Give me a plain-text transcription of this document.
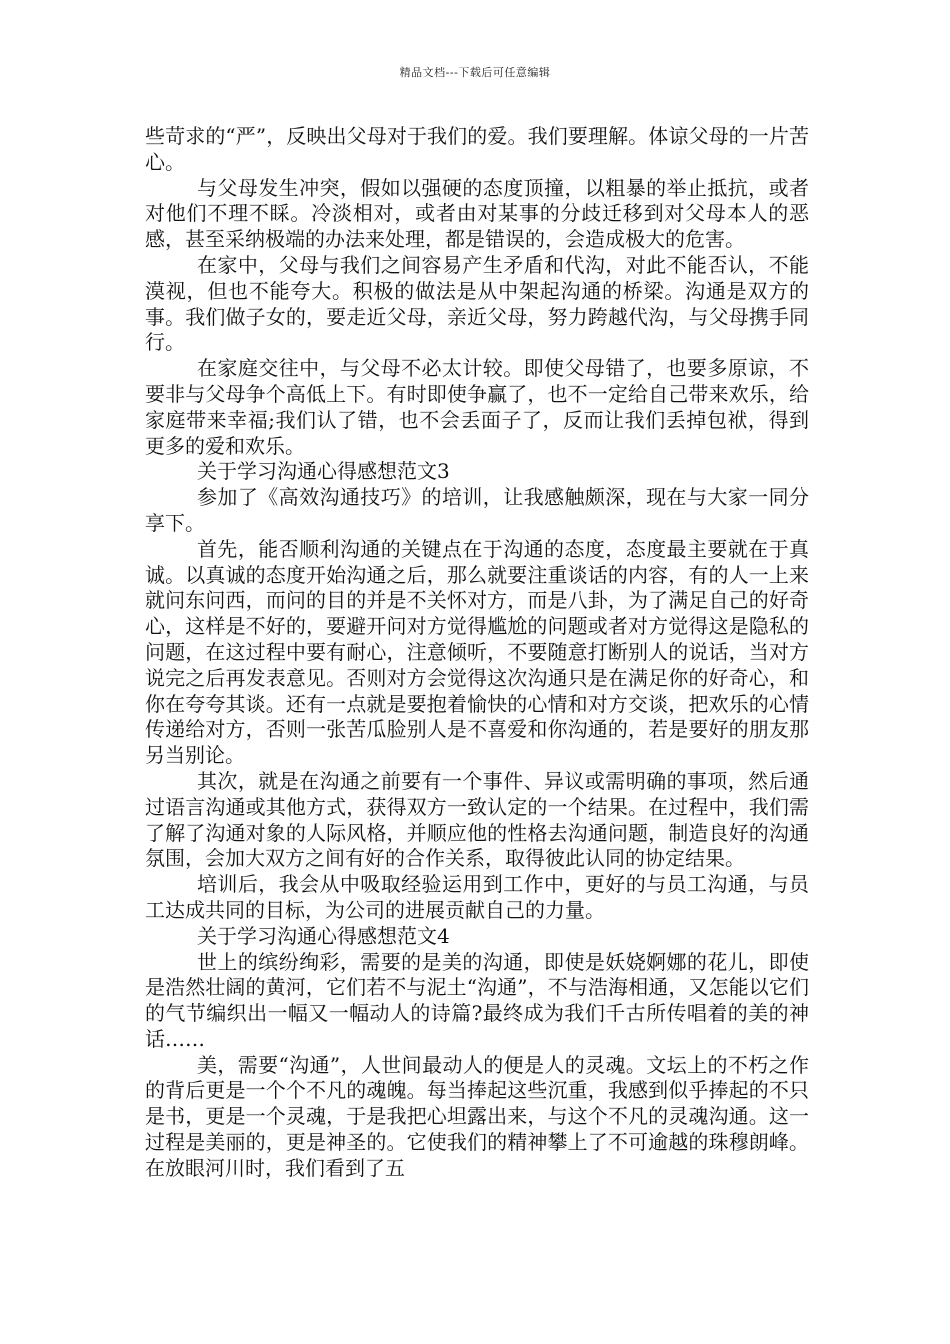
精品文档---下载后可任意编辑

些苛求的“严”，反映出父母对于我们的爱。我们要理解。体谅父母的一片苦心。

与父母发生冲突，假如以强硬的态度顶撞，以粗暴的举止抵抗，或者对他们不理不睬。冷淡相对，或者由对某事的分歧迁移到对父母本人的恶感，甚至采纳极端的办法来处理，都是错误的，会造成极大的危害。

在家中，父母与我们之间容易产生矛盾和代沟，对此不能否认，不能漠视，但也不能夸大。积极的做法是从中架起沟通的桥梁。沟通是双方的事。我们做子女的，要走近父母，亲近父母，努力跨越代沟，与父母携手同行。

在家庭交往中，与父母不必太计较。即使父母错了，也要多原谅，不要非与父母争个高低上下。有时即使争赢了，也不一定给自己带来欢乐，给家庭带来幸福;我们认了错，也不会丢面子了，反而让我们丢掉包袱，得到更多的爱和欢乐。

关于学习沟通心得感想范文3

参加了《高效沟通技巧》的培训，让我感触颇深，现在与大家一同分享下。

首先，能否顺利沟通的关键点在于沟通的态度，态度最主要就在于真诚。以真诚的态度开始沟通之后，那么就要注重谈话的内容，有的人一上来就问东问西，而问的目的并是不关怀对方，而是八卦，为了满足自己的好奇心，这样是不好的，要避开问对方觉得尴尬的问题或者对方觉得这是隐私的问题，在这过程中要有耐心，注意倾听，不要随意打断别人的说话，当对方说完之后再发表意见。否则对方会觉得这次沟通只是在满足你的好奇心，和你在夸夸其谈。还有一点就是要抱着愉快的心情和对方交谈，把欢乐的心情传递给对方，否则一张苦瓜脸别人是不喜爱和你沟通的，若是要好的朋友那另当别论。

其次，就是在沟通之前要有一个事件、异议或需明确的事项，然后通过语言沟通或其他方式，获得双方一致认定的一个结果。在过程中，我们需了解了沟通对象的人际风格，并顺应他的性格去沟通问题，制造良好的沟通氛围，会加大双方之间有好的合作关系，取得彼此认同的协定结果。

培训后，我会从中吸取经验运用到工作中，更好的与员工沟通，与员工达成共同的目标，为公司的进展贡献自己的力量。

关于学习沟通心得感想范文4

世上的缤纷绚彩，需要的是美的沟通，即使是妖娆婀娜的花儿，即使是浩然壮阔的黄河，它们若不与泥土“沟通”，不与浩海相通，又怎能以它们的气节编织出一幅又一幅动人的诗篇?最终成为我们千古所传唱着的美的神话……

美，需要“沟通”，人世间最动人的便是人的灵魂。文坛上的不朽之作的背后更是一个个不凡的魂魄。每当捧起这些沉重，我感到似乎捧起的不只是书，更是一个灵魂，于是我把心坦露出来，与这个不凡的灵魂沟通。这一过程是美丽的，更是神圣的。它使我们的精神攀上了不可逾越的珠穆朗峰。在放眼河川时，我们看到了五
